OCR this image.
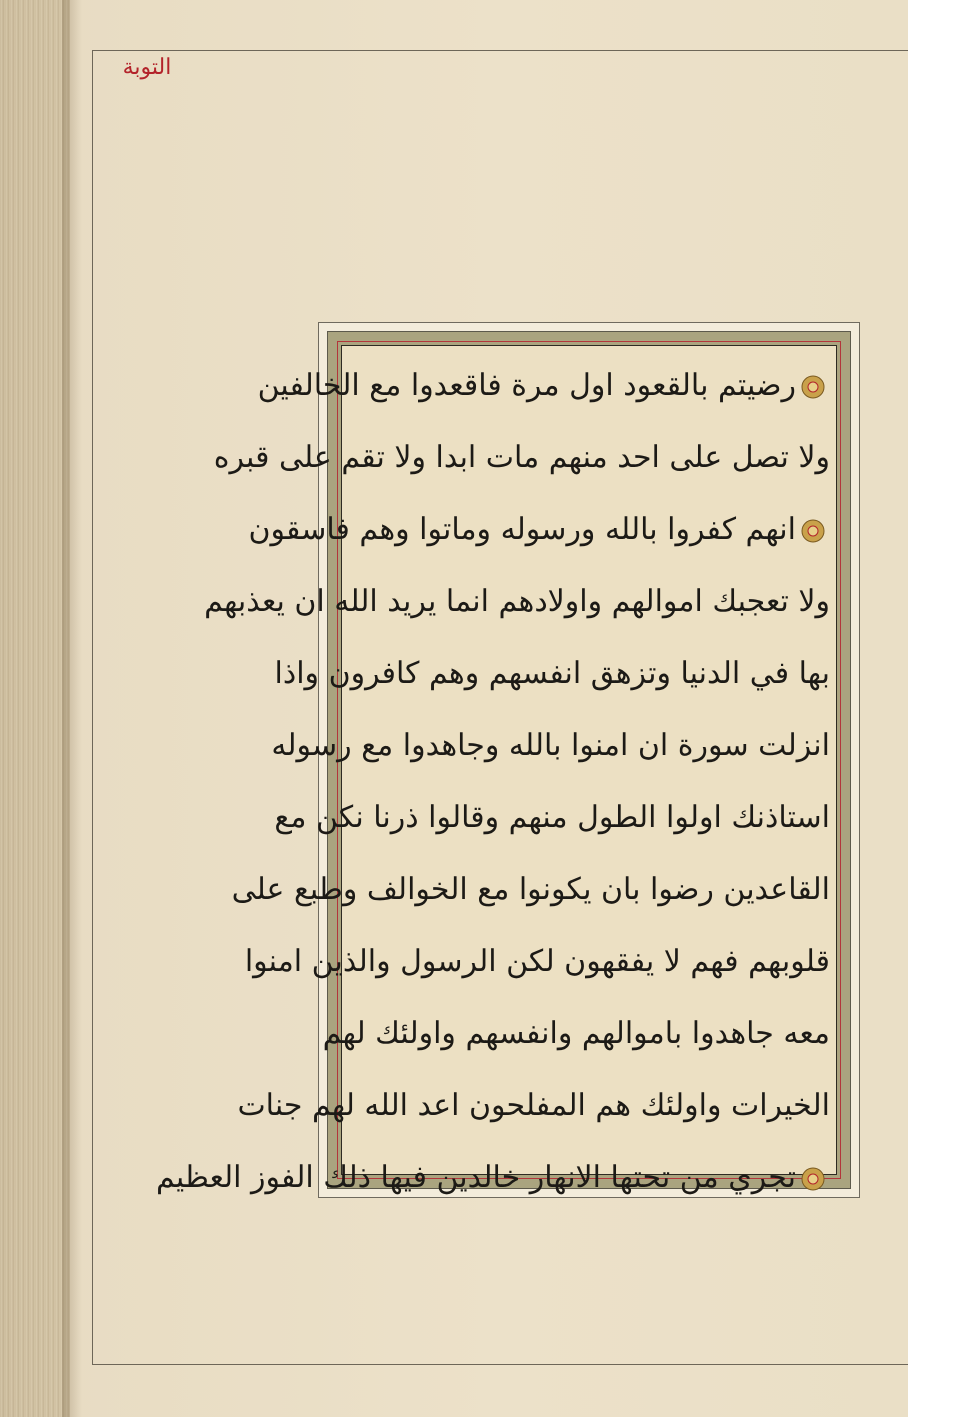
التوبة
رضيتم بالقعود اول مرة فاقعدوا مع الخالفين
ولا تصل على احد منهم مات ابدا ولا تقم على قبره
انهم كفروا بالله ورسوله وماتوا وهم فاسقون
ولا تعجبك اموالهم واولادهم انما يريد الله ان يعذبهم
بها في الدنيا وتزهق انفسهم وهم كافرون واذا
انزلت سورة ان امنوا بالله وجاهدوا مع رسوله
استاذنك اولوا الطول منهم وقالوا ذرنا نكن مع
القاعدين رضوا بان يكونوا مع الخوالف وطبع على
قلوبهم فهم لا يفقهون لكن الرسول والذين امنوا
معه جاهدوا باموالهم وانفسهم واولئك لهم
الخيرات واولئك هم المفلحون اعد الله لهم جنات
تجري من تحتها الانهار خالدين فيها ذلك الفوز العظيم
